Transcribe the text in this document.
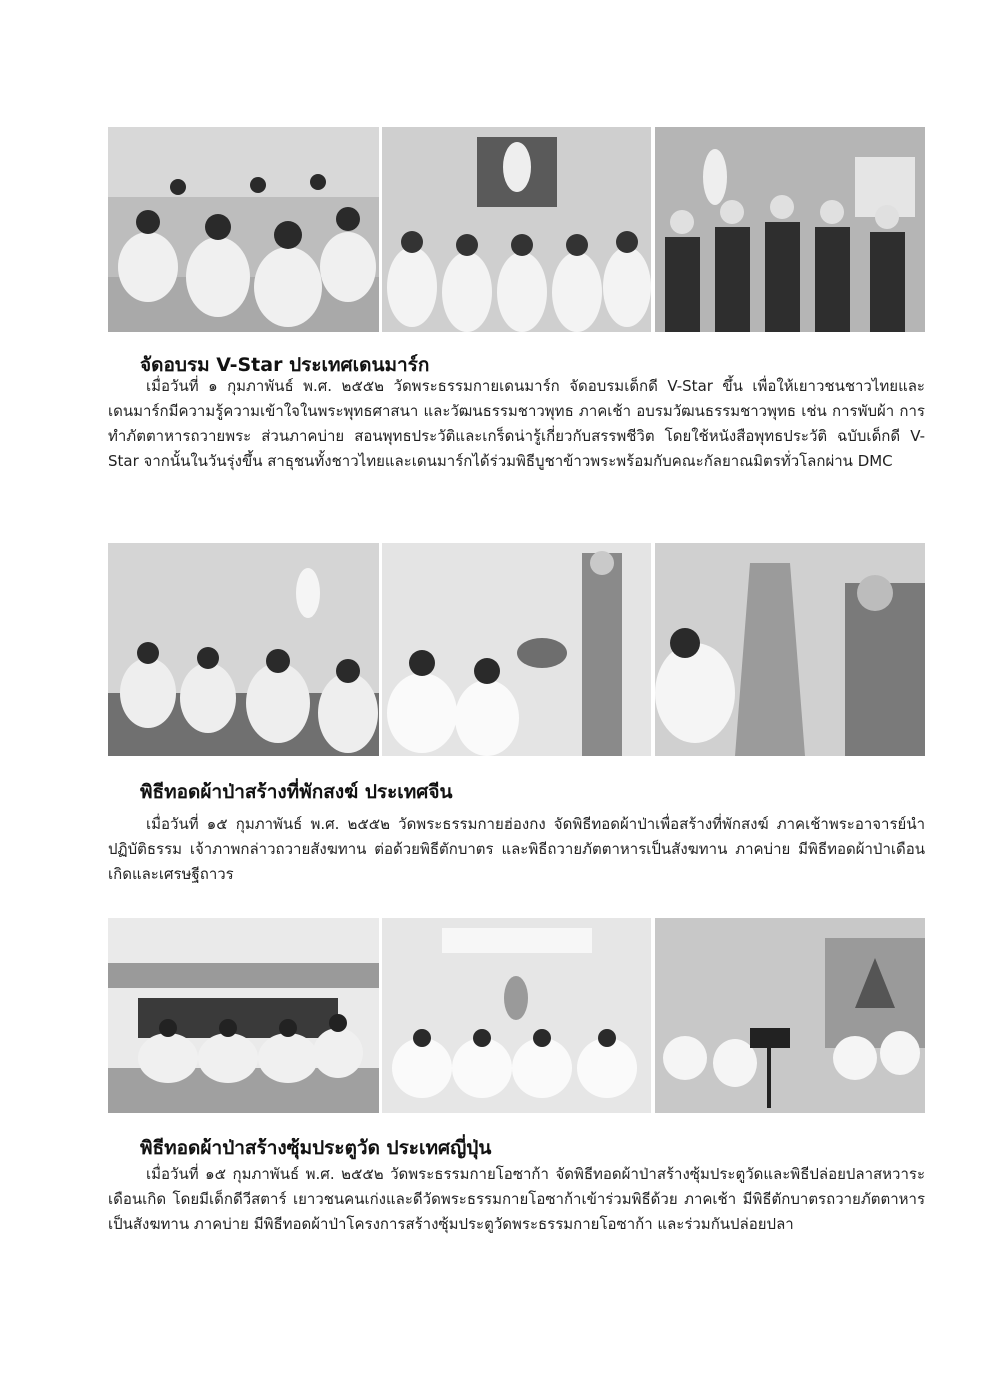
จัดอบรม V-Star ประเทศเดนมาร์ก

เมื่อวันที่ ๑ กุมภาพันธ์ พ.ศ. ๒๕๕๒ วัดพระธรรมกายเดนมาร์ก จัดอบรมเด็กดี V-Star ขึ้น เพื่อให้เยาวชนชาวไทยและเดนมาร์กมีความรู้ความเข้าใจในพระพุทธศาสนา และวัฒนธรรมชาวพุทธ ภาคเช้า อบรมวัฒนธรรมชาวพุทธ เช่น การพับผ้า การทำภัตตาหารถวายพระ ส่วนภาคบ่าย สอนพุทธประวัติและเกร็ดน่ารู้เกี่ยวกับสรรพชีวิต โดยใช้หนังสือพุทธประวัติ ฉบับเด็กดี V-Star จากนั้นในวันรุ่งขึ้น สาธุชนทั้งชาวไทยและเดนมาร์กได้ร่วมพิธีบูชาข้าวพระพร้อมกับคณะกัลยาณมิตรทั่วโลกผ่าน DMC

พิธีทอดผ้าป่าสร้างที่พักสงฆ์ ประเทศจีน

เมื่อวันที่ ๑๕ กุมภาพันธ์ พ.ศ. ๒๕๕๒ วัดพระธรรมกายฮ่องกง จัดพิธีทอดผ้าป่าเพื่อสร้างที่พักสงฆ์ ภาคเช้าพระอาจารย์นำปฏิบัติธรรม เจ้าภาพกล่าวถวายสังฆทาน ต่อด้วยพิธีตักบาตร และพิธีถวายภัตตาหารเป็นสังฆทาน ภาคบ่าย มีพิธีทอดผ้าป่าเดือนเกิดและเศรษฐีถาวร

พิธีทอดผ้าป่าสร้างซุ้มประตูวัด ประเทศญี่ปุ่น

เมื่อวันที่ ๑๕ กุมภาพันธ์ พ.ศ. ๒๕๕๒ วัดพระธรรมกายโอซาก้า จัดพิธีทอดผ้าป่าสร้างซุ้มประตูวัดและพิธีปล่อยปลาสหวาระเดือนเกิด โดยมีเด็กดีวีสตาร์ เยาวชนคนเก่งและดีวัดพระธรรมกายโอซาก้าเข้าร่วมพิธีด้วย ภาคเช้า มีพิธีตักบาตรถวายภัตตาหารเป็นสังฆทาน ภาคบ่าย มีพิธีทอดผ้าป่าโครงการสร้างซุ้มประตูวัดพระธรรมกายโอซาก้า และร่วมกันปล่อยปลา
